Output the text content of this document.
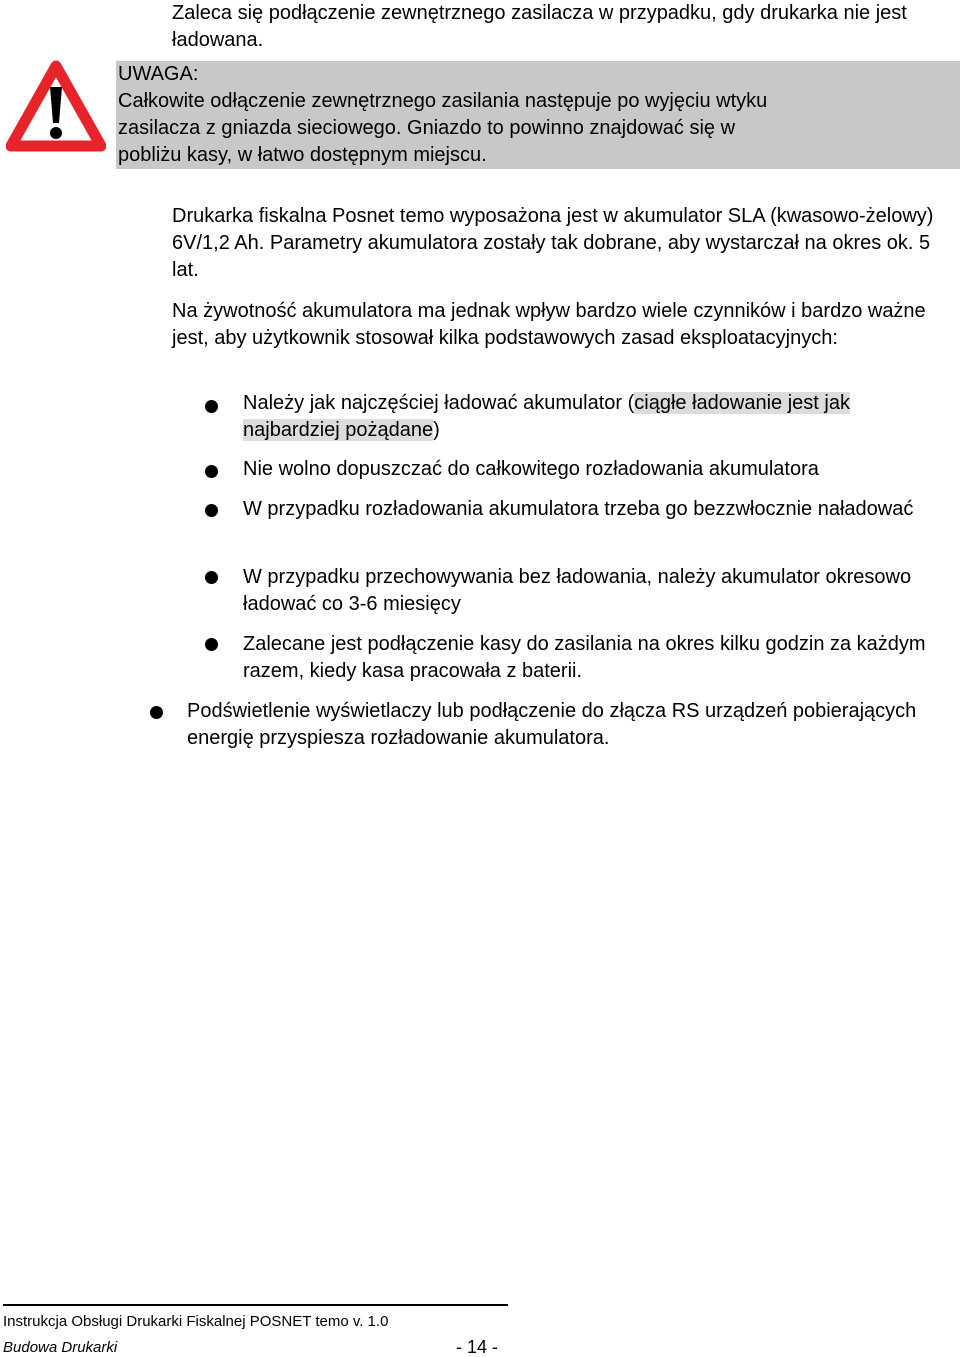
Zaleca się podłączenie zewnętrznego zasilacza w przypadku, gdy drukarka nie jest ładowana.

UWAGA:
Całkowite odłączenie zewnętrznego zasilania następuje po wyjęciu wtyku
zasilacza z gniazda sieciowego. Gniazdo to powinno znajdować się w
pobliżu kasy, w łatwo dostępnym miejscu.

Drukarka fiskalna Posnet temo wyposażona jest w akumulator SLA (kwasowo-żelowy) 6V/1,2 Ah. Parametry akumulatora zostały tak dobrane, aby wystarczał na okres ok. 5 lat.

Na żywotność akumulatora ma jednak wpływ bardzo wiele czynników i bardzo ważne jest, aby użytkownik stosował kilka podstawowych zasad eksploatacyjnych:

Należy jak najczęściej ładować akumulator (ciągłe ładowanie jest jak najbardziej pożądane)

Nie wolno dopuszczać do całkowitego rozładowania akumulatora

W przypadku rozładowania akumulatora trzeba go bezzwłocznie naładować

W przypadku przechowywania bez ładowania, należy akumulator okresowo ładować co 3-6 miesięcy

Zalecane jest podłączenie kasy do zasilania na okres kilku godzin za każdym razem, kiedy kasa pracowała z baterii.

Podświetlenie wyświetlaczy lub podłączenie do złącza RS urządzeń pobierających energię przyspiesza rozładowanie akumulatora.

Instrukcja Obsługi Drukarki Fiskalnej POSNET temo v. 1.0
Budowa Drukarki	- 14 -
